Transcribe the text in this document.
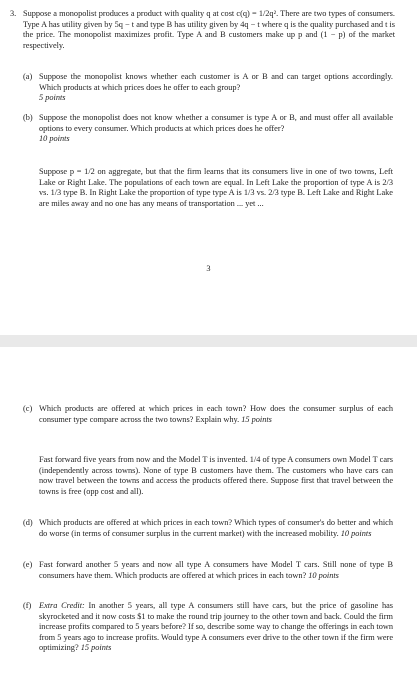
3. Suppose a monopolist produces a product with quality q at cost c(q) = 1/2q². There are two types of consumers. Type A has utility given by 5q − t and type B has utility given by 4q − t where q is the quality purchased and t is the price. The monopolist maximizes profit. Type A and B customers make up p and (1 − p) of the market respectively.

(a) Suppose the monopolist knows whether each customer is A or B and can target options accordingly. Which products at which prices does he offer to each group?

5 points

(b) Suppose the monopolist does not know whether a consumer is type A or B, and must offer all available options to every consumer. Which products at which prices does he offer?

10 points

Suppose p = 1/2 on aggregate, but that the firm learns that its consumers live in one of two towns, Left Lake or Right Lake. The populations of each town are equal. In Left Lake the proportion of type A is 2/3 vs. 1/3 type B. In Right Lake the proportion of type type A is 1/3 vs. 2/3 type B. Left Lake and Right Lake are miles away and no one has any means of transportation ... yet ...

3
(c) Which products are offered at which prices in each town? How does the consumer surplus of each consumer type compare across the two towns? Explain why. 15 points

Fast forward five years from now and the Model T is invented. 1/4 of type A consumers own Model T cars (independently across towns). None of type B customers have them. The customers who have cars can now travel between the towns and access the products offered there. Suppose first that travel between the towns is free (opp cost and all).

(d) Which products are offered at which prices in each town? Which types of consumer's do better and which do worse (in terms of consumer surplus in the current market) with the increased mobility. 10 points

(e) Fast forward another 5 years and now all type A consumers have Model T cars. Still none of type B consumers have them. Which products are offered at which prices in each town? 10 points

(f) Extra Credit: In another 5 years, all type A consumers still have cars, but the price of gasoline has skyrocketed and it now costs $1 to make the round trip journey to the other town and back. Could the firm increase profits compared to 5 years before? If so, describe some way to change the offerings in each town from 5 years ago to increase profits. Would type A consumers ever drive to the other town if the firm were optimizing? 15 points
